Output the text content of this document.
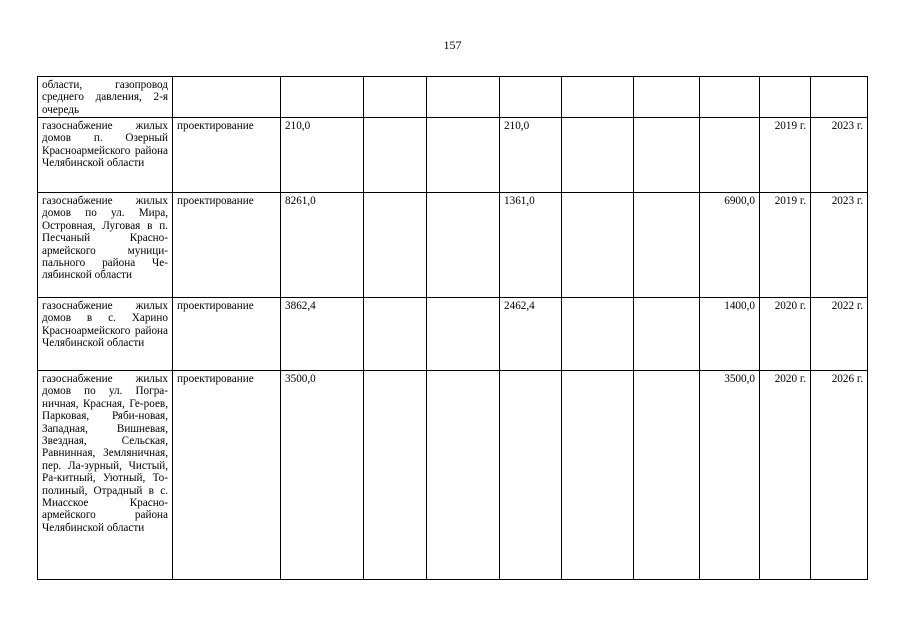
157
области, газопровод среднего давления, 2-я очередь										

газоснабжение жилых домов п. Озерный Красноармейского района Челябинской области	проектирование	210,0			210,0				2019 г.	2023 г.

газоснабжение жилых домов по ул. Мира, Островная, Луговая в п. Песчаный Красно-армейского муници-пального района Че-лябинской области	проектирование	8261,0			1361,0			6900,0	2019 г.	2023 г.

газоснабжение жилых домов в с. Харино Красноармейского района Челябинской области	проектирование	3862,4			2462,4			1400,0	2020 г.	2022 г.

газоснабжение жилых домов по ул. Погра-ничная, Красная, Ге-роев, Парковая, Ряби-новая, Западная, Вишневая, Звездная, Сельская, Равнинная, Земляничная, пер. Ла-зурный, Чистый, Ра-китный, Уютный, То-полиный, Отрадный в с. Миасское Красно-армейского района Челябинской области	проектирование	3500,0						3500,0	2020 г.	2026 г.
